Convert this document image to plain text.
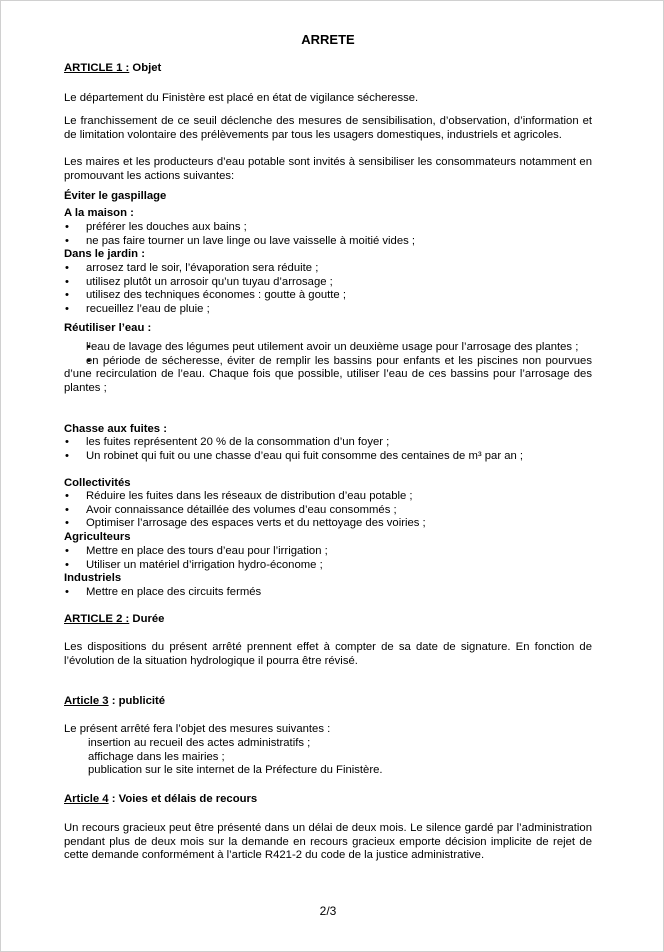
ARRETE
ARTICLE 1 : Objet

Le département du Finistère est placé en état de vigilance sécheresse.

Le franchissement de ce seuil déclenche des mesures de sensibilisation, d’observation, d’information et de limitation volontaire des prélèvements par tous les usagers domestiques, industriels et agricoles.

Les maires et les producteurs d’eau potable sont invités à sensibiliser les consommateurs notamment en promouvant les actions suivantes:

Éviter le gaspillage
A la maison :
• préférer les douches aux bains ;
• ne pas faire tourner un lave linge ou lave vaisselle à moitié vides ;
Dans le jardin :
• arrosez tard le soir, l’évaporation sera réduite ;
• utilisez plutôt un arrosoir qu’un tuyau d’arrosage ;
• utilisez des techniques économes : goutte à goutte ;
• recueillez l’eau de pluie ;
Réutiliser l’eau :
• l’eau de lavage des légumes peut utilement avoir un deuxième usage pour l’arrosage des plantes ;
• en période de sécheresse, éviter de remplir les bassins pour enfants et les piscines non pourvues d’une recirculation de l’eau. Chaque fois que possible, utiliser l’eau de ces bassins pour l’arrosage des plantes ;
Chasse aux fuites :
• les fuites représentent 20 % de la consommation d’un foyer ;
• Un robinet qui fuit ou une chasse d’eau qui fuit consomme des centaines de m³ par an ;
Collectivités
• Réduire les fuites dans les réseaux de distribution d’eau potable ;
• Avoir connaissance détaillée des volumes d’eau consommés ;
• Optimiser l’arrosage des espaces verts et du nettoyage des voiries ;
Agriculteurs
• Mettre en place des tours d’eau pour l’irrigation ;
• Utiliser un matériel d’irrigation hydro-économe ;
Industriels
• Mettre en place des circuits fermés
ARTICLE 2 : Durée

Les dispositions du présent arrêté prennent effet à compter de sa date de signature. En fonction de l’évolution de la situation hydrologique il pourra être révisé.

Article 3 : publicité

Le présent arrêté fera l’objet des mesures suivantes :

insertion au recueil des actes administratifs ;
affichage dans les mairies ;
publication sur le site internet de la Préfecture du Finistère.
Article 4 : Voies et délais de recours

Un recours gracieux peut être présenté dans un délai de deux mois. Le silence gardé par l’administration pendant plus de deux mois sur la demande en recours gracieux emporte décision implicite de rejet de cette demande conformément à l’article R421-2 du code de la justice administrative.

2/3
